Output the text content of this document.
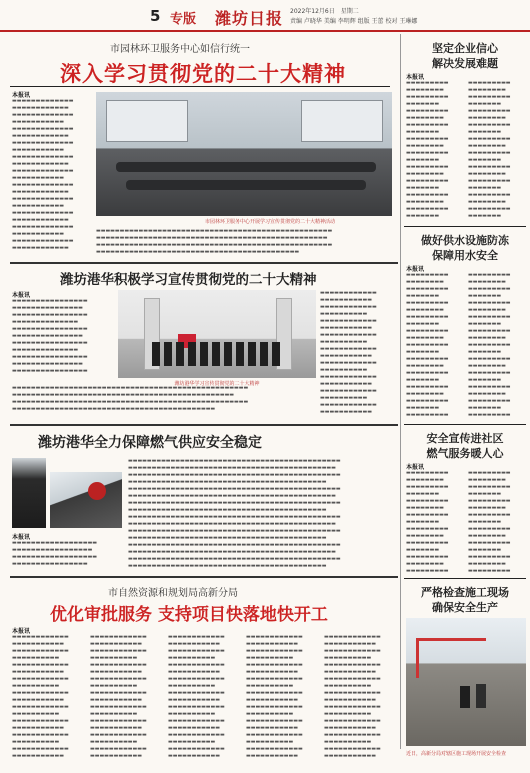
5 专版 潍坊日报 2022年12月6日　星期二
责编 卢晓华 美编 李明辉 组版 王蕾 校对 王琳娜
市园林环卫服务中心如信行统一
深入学习贯彻党的二十大精神
本报讯
▬▬▬▬▬▬▬▬▬▬▬▬▬
▬▬▬▬▬▬▬▬▬▬▬▬
▬▬▬▬▬▬▬▬▬▬▬▬▬
▬▬▬▬▬▬▬▬▬▬▬
▬▬▬▬▬▬▬▬▬▬▬▬▬
▬▬▬▬▬▬▬▬▬▬▬▬
▬▬▬▬▬▬▬▬▬▬▬▬▬
▬▬▬▬▬▬▬▬▬▬▬
▬▬▬▬▬▬▬▬▬▬▬▬▬
▬▬▬▬▬▬▬▬▬▬▬▬
▬▬▬▬▬▬▬▬▬▬▬▬▬
▬▬▬▬▬▬▬▬▬▬▬
▬▬▬▬▬▬▬▬▬▬▬▬▬
▬▬▬▬▬▬▬▬▬▬▬▬
▬▬▬▬▬▬▬▬▬▬▬▬▬
▬▬▬▬▬▬▬▬▬▬▬
▬▬▬▬▬▬▬▬▬▬▬▬▬
▬▬▬▬▬▬▬▬▬▬▬▬
▬▬▬▬▬▬▬▬▬▬▬▬▬
▬▬▬▬▬▬▬▬▬▬▬
▬▬▬▬▬▬▬▬▬▬▬▬▬
▬▬▬▬▬▬▬▬▬▬▬▬
市园林环卫服务中心开展学习宣传贯彻党的二十大精神活动
▬▬▬▬▬▬▬▬▬▬▬▬▬▬▬▬▬▬▬▬▬▬▬▬▬▬▬▬▬▬▬▬▬▬▬▬▬▬▬▬▬▬▬▬▬▬▬▬▬▬
▬▬▬▬▬▬▬▬▬▬▬▬▬▬▬▬▬▬▬▬▬▬▬▬▬▬▬▬▬▬▬▬▬▬▬▬▬▬▬▬▬▬▬▬▬▬▬▬▬
▬▬▬▬▬▬▬▬▬▬▬▬▬▬▬▬▬▬▬▬▬▬▬▬▬▬▬▬▬▬▬▬▬▬▬▬▬▬▬▬▬▬▬▬▬▬▬▬▬▬
▬▬▬▬▬▬▬▬▬▬▬▬▬▬▬▬▬▬▬▬▬▬▬▬▬▬▬▬▬▬▬▬▬▬▬▬▬▬▬▬▬▬▬
潍坊港华积极学习宣传贯彻党的二十大精神
本报讯
▬▬▬▬▬▬▬▬▬▬▬▬▬▬▬▬
▬▬▬▬▬▬▬▬▬▬▬▬▬▬▬
▬▬▬▬▬▬▬▬▬▬▬▬▬▬▬▬
▬▬▬▬▬▬▬▬▬▬▬▬▬▬
▬▬▬▬▬▬▬▬▬▬▬▬▬▬▬▬
▬▬▬▬▬▬▬▬▬▬▬▬▬▬▬
▬▬▬▬▬▬▬▬▬▬▬▬▬▬▬▬
▬▬▬▬▬▬▬▬▬▬▬▬▬▬
▬▬▬▬▬▬▬▬▬▬▬▬▬▬▬▬
▬▬▬▬▬▬▬▬▬▬▬▬▬▬▬
▬▬▬▬▬▬▬▬▬▬▬▬▬▬▬▬
潍坊港华学习宣传贯彻党的二十大精神
▬▬▬▬▬▬▬▬▬▬▬▬
▬▬▬▬▬▬▬▬▬▬▬
▬▬▬▬▬▬▬▬▬▬▬▬
▬▬▬▬▬▬▬▬▬▬
▬▬▬▬▬▬▬▬▬▬▬▬
▬▬▬▬▬▬▬▬▬▬▬
▬▬▬▬▬▬▬▬▬▬▬▬
▬▬▬▬▬▬▬▬▬▬
▬▬▬▬▬▬▬▬▬▬▬▬
▬▬▬▬▬▬▬▬▬▬▬
▬▬▬▬▬▬▬▬▬▬▬▬
▬▬▬▬▬▬▬▬▬▬
▬▬▬▬▬▬▬▬▬▬▬▬
▬▬▬▬▬▬▬▬▬▬▬
▬▬▬▬▬▬▬▬▬▬▬▬
▬▬▬▬▬▬▬▬▬▬
▬▬▬▬▬▬▬▬▬▬▬▬
▬▬▬▬▬▬▬▬▬▬▬
▬▬▬▬▬▬▬▬▬▬▬▬▬▬▬▬▬▬▬▬▬▬▬▬▬▬▬▬▬▬▬▬▬▬▬▬▬▬▬▬▬▬▬▬▬▬▬▬▬▬
▬▬▬▬▬▬▬▬▬▬▬▬▬▬▬▬▬▬▬▬▬▬▬▬▬▬▬▬▬▬▬▬▬▬▬▬▬▬▬▬▬▬▬▬▬▬▬
▬▬▬▬▬▬▬▬▬▬▬▬▬▬▬▬▬▬▬▬▬▬▬▬▬▬▬▬▬▬▬▬▬▬▬▬▬▬▬▬▬▬▬▬▬▬▬▬▬▬
▬▬▬▬▬▬▬▬▬▬▬▬▬▬▬▬▬▬▬▬▬▬▬▬▬▬▬▬▬▬▬▬▬▬▬▬▬▬▬▬▬▬▬
潍坊港华全力保障燃气供应安全稳定
本报讯
▬▬▬▬▬▬▬▬▬▬▬▬▬▬▬▬▬▬
▬▬▬▬▬▬▬▬▬▬▬▬▬▬▬▬▬
▬▬▬▬▬▬▬▬▬▬▬▬▬▬▬▬▬▬
▬▬▬▬▬▬▬▬▬▬▬▬▬▬▬▬
▬▬▬▬▬▬▬▬▬▬▬▬▬▬▬▬▬▬▬▬▬▬▬▬▬▬▬▬▬▬▬▬▬▬▬▬▬▬▬▬▬▬▬▬▬
▬▬▬▬▬▬▬▬▬▬▬▬▬▬▬▬▬▬▬▬▬▬▬▬▬▬▬▬▬▬▬▬▬▬▬▬▬▬▬▬▬▬▬▬
▬▬▬▬▬▬▬▬▬▬▬▬▬▬▬▬▬▬▬▬▬▬▬▬▬▬▬▬▬▬▬▬▬▬▬▬▬▬▬▬▬▬▬▬▬
▬▬▬▬▬▬▬▬▬▬▬▬▬▬▬▬▬▬▬▬▬▬▬▬▬▬▬▬▬▬▬▬▬▬▬▬▬▬▬▬▬▬
▬▬▬▬▬▬▬▬▬▬▬▬▬▬▬▬▬▬▬▬▬▬▬▬▬▬▬▬▬▬▬▬▬▬▬▬▬▬▬▬▬▬▬▬▬
▬▬▬▬▬▬▬▬▬▬▬▬▬▬▬▬▬▬▬▬▬▬▬▬▬▬▬▬▬▬▬▬▬▬▬▬▬▬▬▬▬▬▬▬
▬▬▬▬▬▬▬▬▬▬▬▬▬▬▬▬▬▬▬▬▬▬▬▬▬▬▬▬▬▬▬▬▬▬▬▬▬▬▬▬▬▬▬▬▬
▬▬▬▬▬▬▬▬▬▬▬▬▬▬▬▬▬▬▬▬▬▬▬▬▬▬▬▬▬▬▬▬▬▬▬▬▬▬▬▬▬▬
▬▬▬▬▬▬▬▬▬▬▬▬▬▬▬▬▬▬▬▬▬▬▬▬▬▬▬▬▬▬▬▬▬▬▬▬▬▬▬▬▬▬▬▬▬
▬▬▬▬▬▬▬▬▬▬▬▬▬▬▬▬▬▬▬▬▬▬▬▬▬▬▬▬▬▬▬▬▬▬▬▬▬▬▬▬▬▬▬▬
▬▬▬▬▬▬▬▬▬▬▬▬▬▬▬▬▬▬▬▬▬▬▬▬▬▬▬▬▬▬▬▬▬▬▬▬▬▬▬▬▬▬▬▬▬
▬▬▬▬▬▬▬▬▬▬▬▬▬▬▬▬▬▬▬▬▬▬▬▬▬▬▬▬▬▬▬▬▬▬▬▬▬▬▬▬▬▬
▬▬▬▬▬▬▬▬▬▬▬▬▬▬▬▬▬▬▬▬▬▬▬▬▬▬▬▬▬▬▬▬▬▬▬▬▬▬▬▬▬▬▬▬▬
▬▬▬▬▬▬▬▬▬▬▬▬▬▬▬▬▬▬▬▬▬▬▬▬▬▬▬▬▬▬▬▬▬▬▬▬▬▬▬▬▬▬▬▬
▬▬▬▬▬▬▬▬▬▬▬▬▬▬▬▬▬▬▬▬▬▬▬▬▬▬▬▬▬▬▬▬▬▬▬▬▬▬▬▬▬▬▬▬▬
▬▬▬▬▬▬▬▬▬▬▬▬▬▬▬▬▬▬▬▬▬▬▬▬▬▬▬▬▬▬▬▬▬▬▬▬▬▬▬▬▬▬
市自然资源和规划局高新分局
优化审批服务 支持项目快落地快开工
本报讯
▬▬▬▬▬▬▬▬▬▬▬▬
▬▬▬▬▬▬▬▬▬▬▬
▬▬▬▬▬▬▬▬▬▬▬▬
▬▬▬▬▬▬▬▬▬▬
▬▬▬▬▬▬▬▬▬▬▬▬
▬▬▬▬▬▬▬▬▬▬▬
▬▬▬▬▬▬▬▬▬▬▬▬
▬▬▬▬▬▬▬▬▬▬
▬▬▬▬▬▬▬▬▬▬▬▬
▬▬▬▬▬▬▬▬▬▬▬
▬▬▬▬▬▬▬▬▬▬▬▬
▬▬▬▬▬▬▬▬▬▬
▬▬▬▬▬▬▬▬▬▬▬▬
▬▬▬▬▬▬▬▬▬▬▬
▬▬▬▬▬▬▬▬▬▬▬▬
▬▬▬▬▬▬▬▬▬▬
▬▬▬▬▬▬▬▬▬▬▬▬
▬▬▬▬▬▬▬▬▬▬▬
▬▬▬▬▬▬▬▬▬▬▬▬
▬▬▬▬▬▬▬▬▬▬▬
▬▬▬▬▬▬▬▬▬▬▬▬
▬▬▬▬▬▬▬▬▬▬
▬▬▬▬▬▬▬▬▬▬▬▬
▬▬▬▬▬▬▬▬▬▬▬
▬▬▬▬▬▬▬▬▬▬▬▬
▬▬▬▬▬▬▬▬▬▬
▬▬▬▬▬▬▬▬▬▬▬▬
▬▬▬▬▬▬▬▬▬▬▬
▬▬▬▬▬▬▬▬▬▬▬▬
▬▬▬▬▬▬▬▬▬▬
▬▬▬▬▬▬▬▬▬▬▬▬
▬▬▬▬▬▬▬▬▬▬▬
▬▬▬▬▬▬▬▬▬▬▬▬
▬▬▬▬▬▬▬▬▬▬
▬▬▬▬▬▬▬▬▬▬▬▬
▬▬▬▬▬▬▬▬▬▬▬
▬▬▬▬▬▬▬▬▬▬▬▬
▬▬▬▬▬▬▬▬▬▬▬
▬▬▬▬▬▬▬▬▬▬▬▬
▬▬▬▬▬▬▬▬▬▬
▬▬▬▬▬▬▬▬▬▬▬▬
▬▬▬▬▬▬▬▬▬▬▬
▬▬▬▬▬▬▬▬▬▬▬▬
▬▬▬▬▬▬▬▬▬▬
▬▬▬▬▬▬▬▬▬▬▬▬
▬▬▬▬▬▬▬▬▬▬▬
▬▬▬▬▬▬▬▬▬▬▬▬
▬▬▬▬▬▬▬▬▬▬
▬▬▬▬▬▬▬▬▬▬▬▬
▬▬▬▬▬▬▬▬▬▬▬
▬▬▬▬▬▬▬▬▬▬▬▬
▬▬▬▬▬▬▬▬▬▬
▬▬▬▬▬▬▬▬▬▬▬▬
▬▬▬▬▬▬▬▬▬▬▬
▬▬▬▬▬▬▬▬▬▬▬▬
▬▬▬▬▬▬▬▬▬▬▬
▬▬▬▬▬▬▬▬▬▬▬▬
▬▬▬▬▬▬▬▬▬▬
▬▬▬▬▬▬▬▬▬▬▬▬
▬▬▬▬▬▬▬▬▬▬▬
▬▬▬▬▬▬▬▬▬▬▬▬
▬▬▬▬▬▬▬▬▬▬
▬▬▬▬▬▬▬▬▬▬▬▬
▬▬▬▬▬▬▬▬▬▬▬
▬▬▬▬▬▬▬▬▬▬▬▬
▬▬▬▬▬▬▬▬▬▬
▬▬▬▬▬▬▬▬▬▬▬▬
▬▬▬▬▬▬▬▬▬▬▬
▬▬▬▬▬▬▬▬▬▬▬▬
▬▬▬▬▬▬▬▬▬▬
▬▬▬▬▬▬▬▬▬▬▬▬
▬▬▬▬▬▬▬▬▬▬▬
▬▬▬▬▬▬▬▬▬▬▬▬
▬▬▬▬▬▬▬▬▬▬▬
▬▬▬▬▬▬▬▬▬▬▬▬
▬▬▬▬▬▬▬▬▬▬
▬▬▬▬▬▬▬▬▬▬▬▬
▬▬▬▬▬▬▬▬▬▬▬
▬▬▬▬▬▬▬▬▬▬▬▬
▬▬▬▬▬▬▬▬▬▬
▬▬▬▬▬▬▬▬▬▬▬▬
▬▬▬▬▬▬▬▬▬▬▬
▬▬▬▬▬▬▬▬▬▬▬▬
▬▬▬▬▬▬▬▬▬▬
▬▬▬▬▬▬▬▬▬▬▬▬
▬▬▬▬▬▬▬▬▬▬▬
▬▬▬▬▬▬▬▬▬▬▬▬
▬▬▬▬▬▬▬▬▬▬
▬▬▬▬▬▬▬▬▬▬▬▬
▬▬▬▬▬▬▬▬▬▬▬
坚定企业信心
解决发展难题
本报讯
▬▬▬▬▬▬▬▬▬
▬▬▬▬▬▬▬▬
▬▬▬▬▬▬▬▬▬
▬▬▬▬▬▬▬
▬▬▬▬▬▬▬▬▬
▬▬▬▬▬▬▬▬
▬▬▬▬▬▬▬▬▬
▬▬▬▬▬▬▬
▬▬▬▬▬▬▬▬▬
▬▬▬▬▬▬▬▬
▬▬▬▬▬▬▬▬▬
▬▬▬▬▬▬▬
▬▬▬▬▬▬▬▬▬
▬▬▬▬▬▬▬▬
▬▬▬▬▬▬▬▬▬
▬▬▬▬▬▬▬
▬▬▬▬▬▬▬▬▬
▬▬▬▬▬▬▬▬
▬▬▬▬▬▬▬▬▬
▬▬▬▬▬▬▬
▬▬▬▬▬▬▬▬▬
▬▬▬▬▬▬▬▬
▬▬▬▬▬▬▬▬▬
▬▬▬▬▬▬▬
▬▬▬▬▬▬▬▬▬
▬▬▬▬▬▬▬▬
▬▬▬▬▬▬▬▬▬
▬▬▬▬▬▬▬
▬▬▬▬▬▬▬▬▬
▬▬▬▬▬▬▬▬
▬▬▬▬▬▬▬▬▬
▬▬▬▬▬▬▬
▬▬▬▬▬▬▬▬▬
▬▬▬▬▬▬▬▬
▬▬▬▬▬▬▬▬▬
▬▬▬▬▬▬▬
▬▬▬▬▬▬▬▬▬
▬▬▬▬▬▬▬▬
▬▬▬▬▬▬▬▬▬
▬▬▬▬▬▬▬
做好供水设施防冻
保障用水安全
本报讯
▬▬▬▬▬▬▬▬▬
▬▬▬▬▬▬▬▬
▬▬▬▬▬▬▬▬▬
▬▬▬▬▬▬▬
▬▬▬▬▬▬▬▬▬
▬▬▬▬▬▬▬▬
▬▬▬▬▬▬▬▬▬
▬▬▬▬▬▬▬
▬▬▬▬▬▬▬▬▬
▬▬▬▬▬▬▬▬
▬▬▬▬▬▬▬▬▬
▬▬▬▬▬▬▬
▬▬▬▬▬▬▬▬▬
▬▬▬▬▬▬▬▬
▬▬▬▬▬▬▬▬▬
▬▬▬▬▬▬▬
▬▬▬▬▬▬▬▬▬
▬▬▬▬▬▬▬▬
▬▬▬▬▬▬▬▬▬
▬▬▬▬▬▬▬
▬▬▬▬▬▬▬▬▬
▬▬▬▬▬▬▬▬▬
▬▬▬▬▬▬▬▬
▬▬▬▬▬▬▬▬▬
▬▬▬▬▬▬▬
▬▬▬▬▬▬▬▬▬
▬▬▬▬▬▬▬▬
▬▬▬▬▬▬▬▬▬
▬▬▬▬▬▬▬
▬▬▬▬▬▬▬▬▬
▬▬▬▬▬▬▬▬
▬▬▬▬▬▬▬▬▬
▬▬▬▬▬▬▬
▬▬▬▬▬▬▬▬▬
▬▬▬▬▬▬▬▬
▬▬▬▬▬▬▬▬▬
▬▬▬▬▬▬▬
▬▬▬▬▬▬▬▬▬
▬▬▬▬▬▬▬▬
▬▬▬▬▬▬▬▬▬
▬▬▬▬▬▬▬
▬▬▬▬▬▬▬▬▬
安全宣传进社区
燃气服务暖人心
本报讯
▬▬▬▬▬▬▬▬▬
▬▬▬▬▬▬▬▬
▬▬▬▬▬▬▬▬▬
▬▬▬▬▬▬▬
▬▬▬▬▬▬▬▬▬
▬▬▬▬▬▬▬▬
▬▬▬▬▬▬▬▬▬
▬▬▬▬▬▬▬
▬▬▬▬▬▬▬▬▬
▬▬▬▬▬▬▬▬
▬▬▬▬▬▬▬▬▬
▬▬▬▬▬▬▬
▬▬▬▬▬▬▬▬▬
▬▬▬▬▬▬▬▬
▬▬▬▬▬▬▬▬▬
▬▬▬▬▬▬▬▬▬
▬▬▬▬▬▬▬▬
▬▬▬▬▬▬▬▬▬
▬▬▬▬▬▬▬
▬▬▬▬▬▬▬▬▬
▬▬▬▬▬▬▬▬
▬▬▬▬▬▬▬▬▬
▬▬▬▬▬▬▬
▬▬▬▬▬▬▬▬▬
▬▬▬▬▬▬▬▬
▬▬▬▬▬▬▬▬▬
▬▬▬▬▬▬▬
▬▬▬▬▬▬▬▬▬
▬▬▬▬▬▬▬▬
▬▬▬▬▬▬▬▬▬
严格检查施工现场
确保安全生产
近日，高新分局对辖区施工现场开展安全检查
